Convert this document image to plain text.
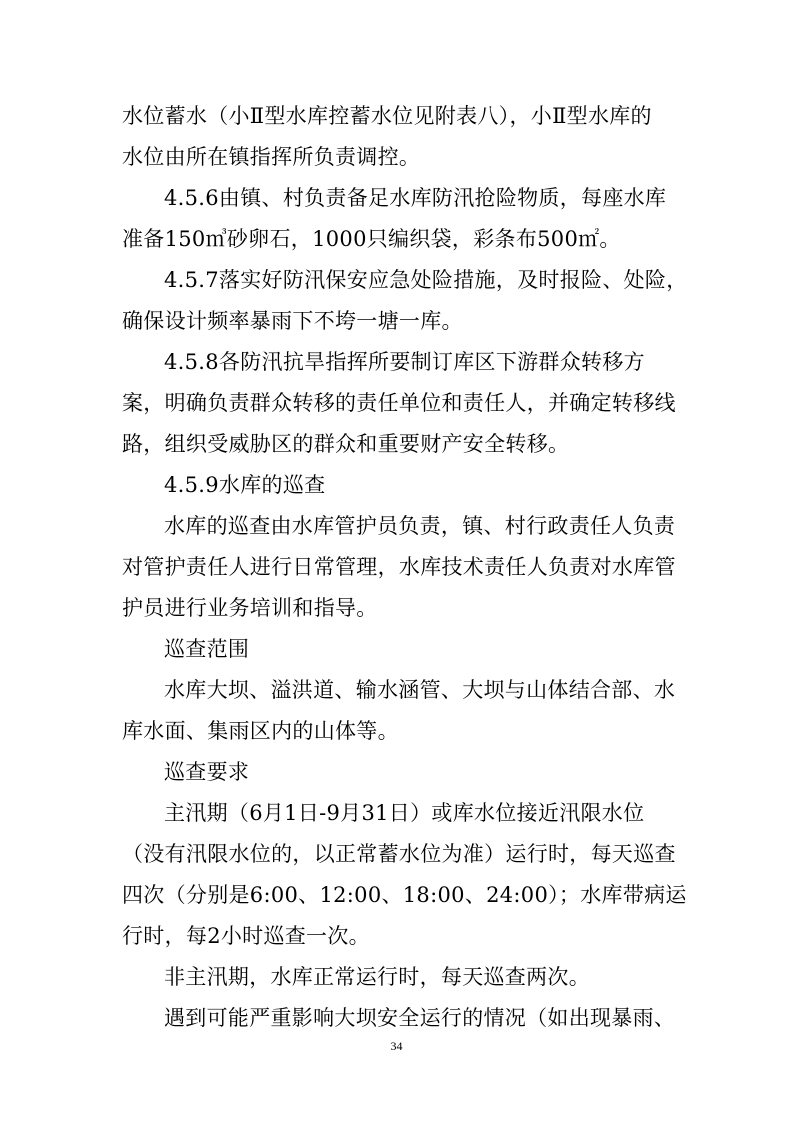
水位蓄水（小Ⅱ型水库控蓄水位见附表八），小Ⅱ型水库的
水位由所在镇指挥所负责调控。
4.5.6由镇、村负责备足水库防汛抢险物质，每座水库
准备150㎥砂卵石，1000只编织袋，彩条布500㎡。
4.5.7落实好防汛保安应急处险措施，及时报险、处险，
确保设计频率暴雨下不垮一塘一库。
4.5.8各防汛抗旱指挥所要制订库区下游群众转移方
案，明确负责群众转移的责任单位和责任人，并确定转移线
路，组织受威胁区的群众和重要财产安全转移。
4.5.9水库的巡查
水库的巡查由水库管护员负责，镇、村行政责任人负责
对管护责任人进行日常管理，水库技术责任人负责对水库管
护员进行业务培训和指导。
巡查范围
水库大坝、溢洪道、输水涵管、大坝与山体结合部、水
库水面、集雨区内的山体等。
巡查要求
主汛期（6月1日-9月31日）或库水位接近汛限水位
（没有汛限水位的，以正常蓄水位为准）运行时，每天巡查
四次（分别是6:00、12:00、18:00、24:00）；水库带病运
行时，每2小时巡查一次。
非主汛期，水库正常运行时，每天巡查两次。
遇到可能严重影响大坝安全运行的情况（如出现暴雨、
34
